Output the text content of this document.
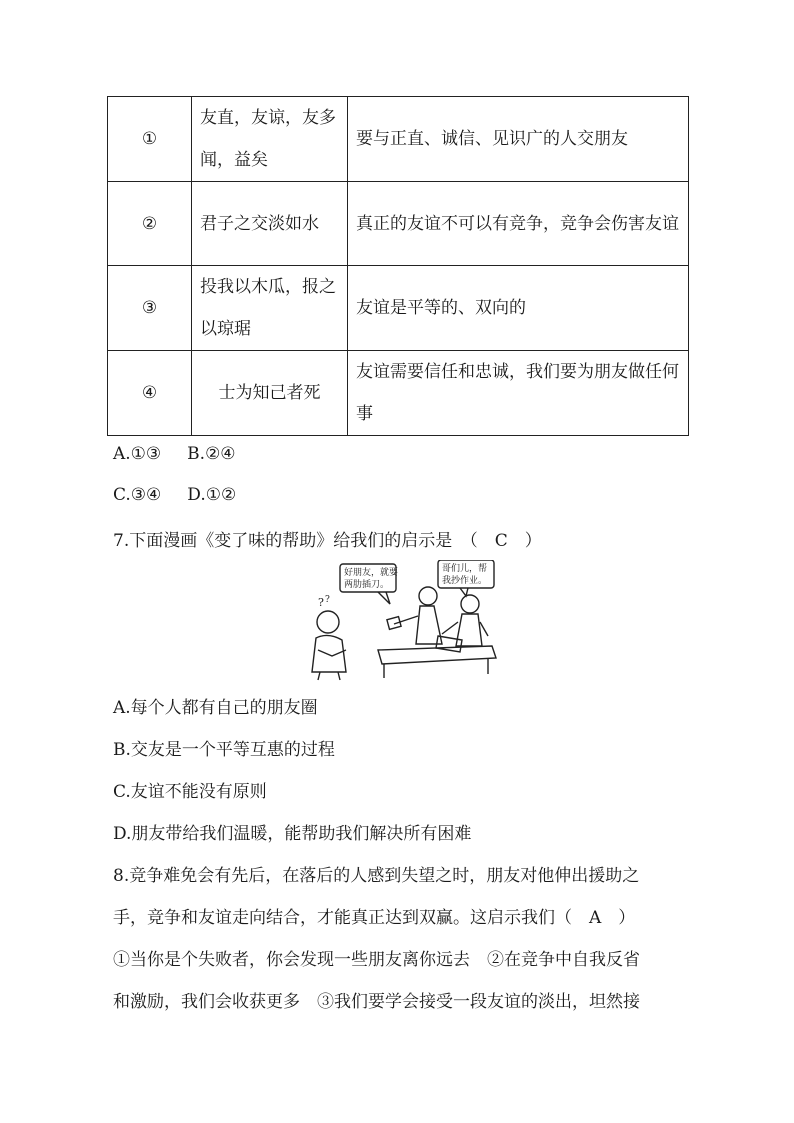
①	友直，友谅，友多闻，益矣	要与正直、诚信、见识广的人交朋友
②	君子之交淡如水	真正的友谊不可以有竞争，竞争会伤害友谊
③	投我以木瓜，报之以琼琚	友谊是平等的、双向的
④	士为知己者死	友谊需要信任和忠诚，我们要为朋友做任何事
A.①③ B.②④
C.③④ D.①②
7.下面漫画《变了味的帮助》给我们的启示是　（　C　）
? ?
好朋友，就要
两肋插刀。
哥们儿，帮
我抄作业。
A.每个人都有自己的朋友圈
B.交友是一个平等互惠的过程
C.友谊不能没有原则
D.朋友带给我们温暖，能帮助我们解决所有困难
8.竞争难免会有先后，在落后的人感到失望之时，朋友对他伸出援助之
手，竞争和友谊走向结合，才能真正达到双赢。这启示我们（　A　）
①当你是个失败者，你会发现一些朋友离你远去　②在竞争中自我反省
和激励，我们会收获更多　③我们要学会接受一段友谊的淡出，坦然接
